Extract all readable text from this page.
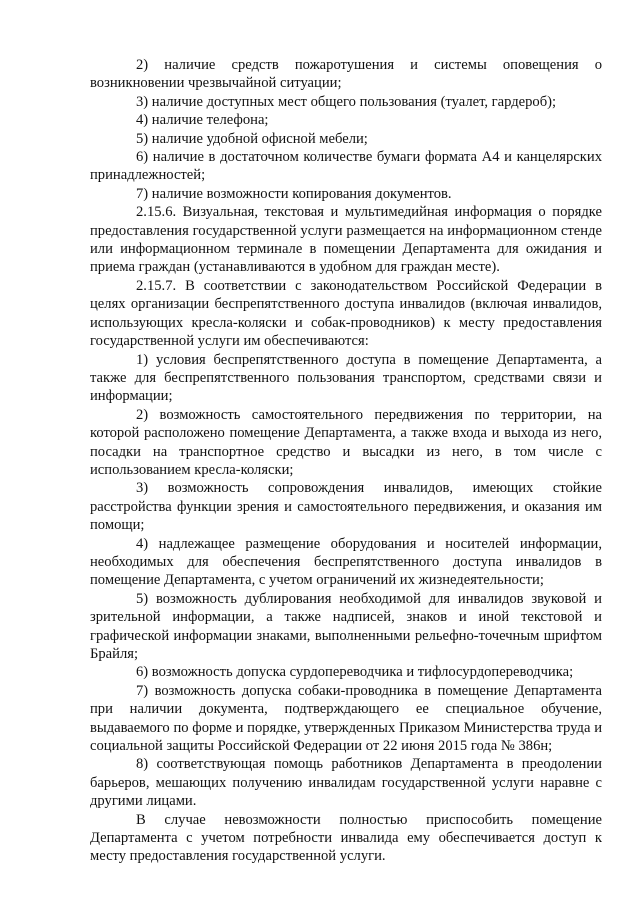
2) наличие средств пожаротушения и системы оповещения о возникновении чрезвычайной ситуации;

3) наличие доступных мест общего пользования (туалет, гардероб);

4) наличие телефона;

5) наличие удобной офисной мебели;

6) наличие в достаточном количестве бумаги формата А4 и канцелярских принадлежностей;

7) наличие возможности копирования документов.

2.15.6. Визуальная, текстовая и мультимедийная информация о порядке предоставления государственной услуги размещается на информационном стенде или информационном терминале в помещении Департамента для ожидания и приема граждан (устанавливаются в удобном для граждан месте).

2.15.7. В соответствии с законодательством Российской Федерации в целях организации беспрепятственного доступа инвалидов (включая инвалидов, использующих кресла-коляски и собак-проводников) к месту предоставления государственной услуги им обеспечиваются:

1) условия беспрепятственного доступа в помещение Департамента, а также для беспрепятственного пользования транспортом, средствами связи и информации;

2) возможность самостоятельного передвижения по территории, на которой расположено помещение Департамента, а также входа и выхода из него, посадки на транспортное средство и высадки из него, в том числе с использованием кресла-коляски;

3) возможность сопровождения инвалидов, имеющих стойкие расстройства функции зрения и самостоятельного передвижения, и оказания им помощи;

4) надлежащее размещение оборудования и носителей информации, необходимых для обеспечения беспрепятственного доступа инвалидов в помещение Департамента, с учетом ограничений их жизнедеятельности;

5) возможность дублирования необходимой для инвалидов звуковой и зрительной информации, а также надписей, знаков и иной текстовой и графической информации знаками, выполненными рельефно-точечным шрифтом Брайля;

6) возможность допуска сурдопереводчика и тифлосурдопереводчика;

7) возможность допуска собаки-проводника в помещение Департамента при наличии документа, подтверждающего ее специальное обучение, выдаваемого по форме и порядке, утвержденных Приказом Министерства труда и социальной защиты Российской Федерации от 22 июня 2015 года № 386н;

8) соответствующая помощь работников Департамента в преодолении барьеров, мешающих получению инвалидам государственной услуги наравне с другими лицами.

В случае невозможности полностью приспособить помещение Департамента с учетом потребности инвалида ему обеспечивается доступ к месту предоставления государственной услуги.
